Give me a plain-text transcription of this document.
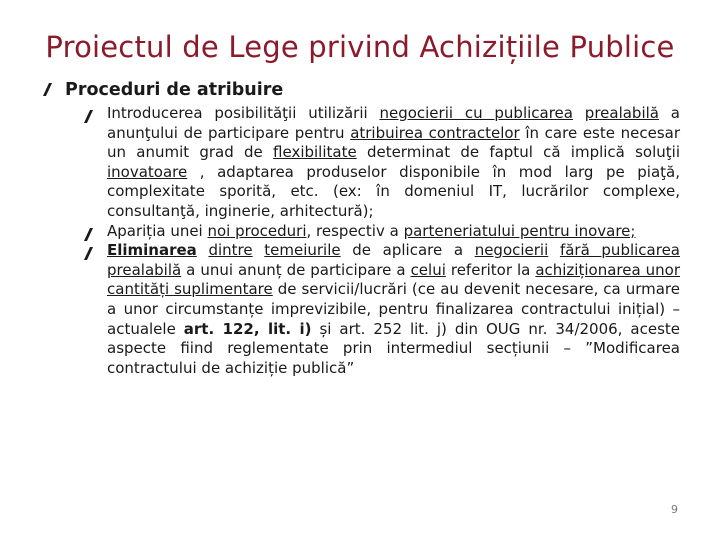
Proiectul de Lege privind Achizițiile Publice
Proceduri de atribuire
Introducerea posibilităţii utilizării negocierii cu publicarea prealabilă a anunţului de participare pentru atribuirea contractelor în care este necesar un anumit grad de flexibilitate determinat de faptul că implică soluţii inovatoare , adaptarea produselor disponibile în mod larg pe piaţă, complexitate sporită, etc. (ex: în domeniul IT, lucrărilor complexe, consultanţă, inginerie, arhitectură);
Apariția unei noi proceduri, respectiv a parteneriatului pentru inovare;
Eliminarea dintre temeiurile de aplicare a negocierii fără publicarea prealabilă a unui anunț de participare a celui referitor la achiziționarea unor cantități suplimentare de servicii/lucrări (ce au devenit necesare, ca urmare a unor circumstanțe imprevizibile, pentru finalizarea contractului inițial) – actualele art. 122, lit. i) și art. 252 lit. j) din OUG nr. 34/2006, aceste aspecte fiind reglementate prin intermediul secțiunii – ”Modificarea contractului de achiziție publică”
9
